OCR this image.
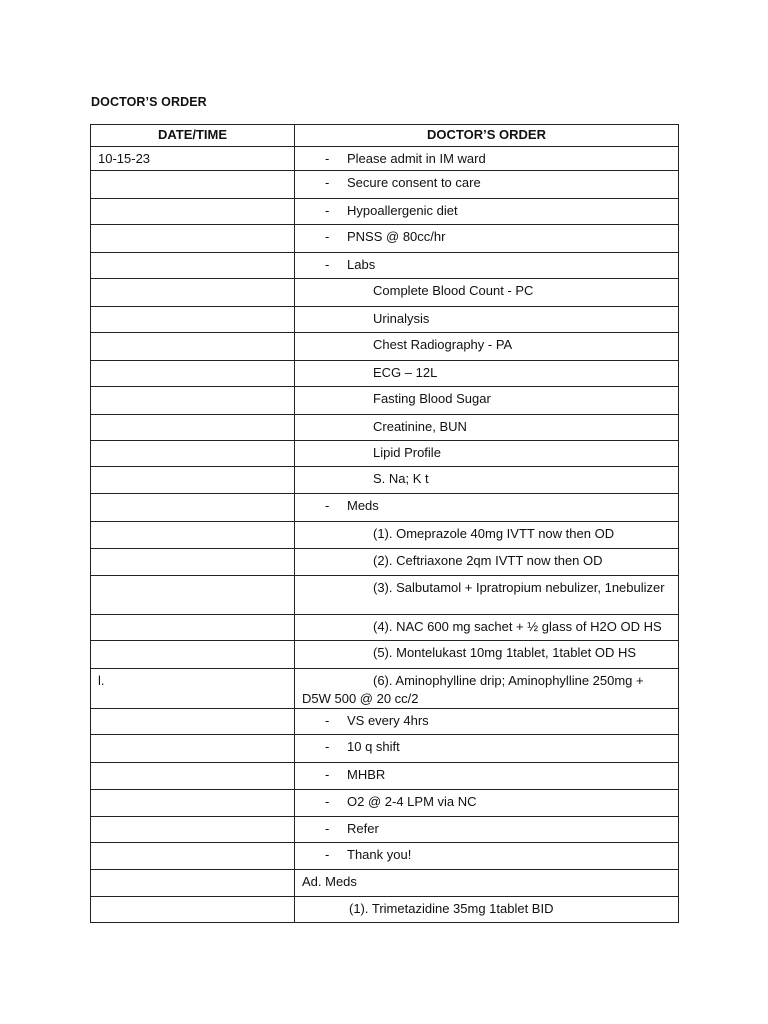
DOCTOR’S ORDER
DATE/TIME	DOCTOR’S ORDER
10-15-23	- Please admit in IM ward

	- Secure consent to care

	- Hypoallergenic diet

	- PNSS @ 80cc/hr

	- Labs

	Complete Blood Count - PC

	Urinalysis

	Chest Radiography - PA

	ECG – 12L

	Fasting Blood Sugar

	Creatinine, BUN

	Lipid Profile

	S. Na; K t

	- Meds

	(1). Omeprazole 40mg IVTT now then OD

	(2). Ceftriaxone 2qm IVTT now then OD

	(3). Salbutamol + Ipratropium nebulizer, 1nebulizer

	(4). NAC 600 mg sachet + ½ glass of H2O OD HS

	(5). Montelukast 10mg 1tablet, 1tablet OD HS

l.	(6). Aminophylline drip; Aminophylline 250mg + D5W 500 @ 20 cc/2

	- VS every 4hrs

	- 10 q shift

	- MHBR

	- O2 @ 2-4 LPM via NC

	- Refer

	- Thank you!

	Ad. Meds

	(1). Trimetazidine 35mg 1tablet BID
